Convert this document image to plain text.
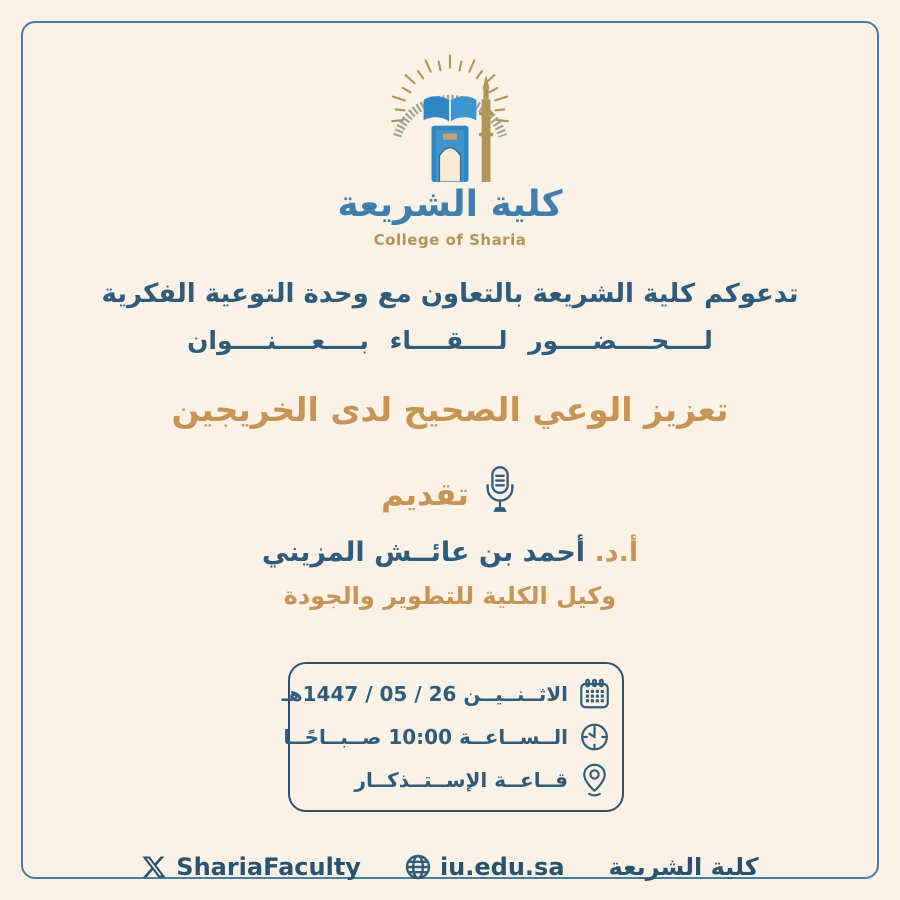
كلية الشريعة
College of Sharia
تدعوكم كلية الشريعة بالتعاون مع وحدة التوعية الفكرية
لــــحــــضــــور لــــقــــاء بــــعــــنــــوان
تعزيز الوعي الصحيح لدى الخريجين
تقديم
أ.د. أحمد بن عائــش المزيني
وكيل الكلية للتطوير والجودة
الاثــنــيــن 26 / 05 / 1447هـ
الــســاعــة 10:00 صــبــاحًــا
قــاعــة الإســتــذكــار
ShariaFaculty	iu.edu.sa كلية الشريعة
